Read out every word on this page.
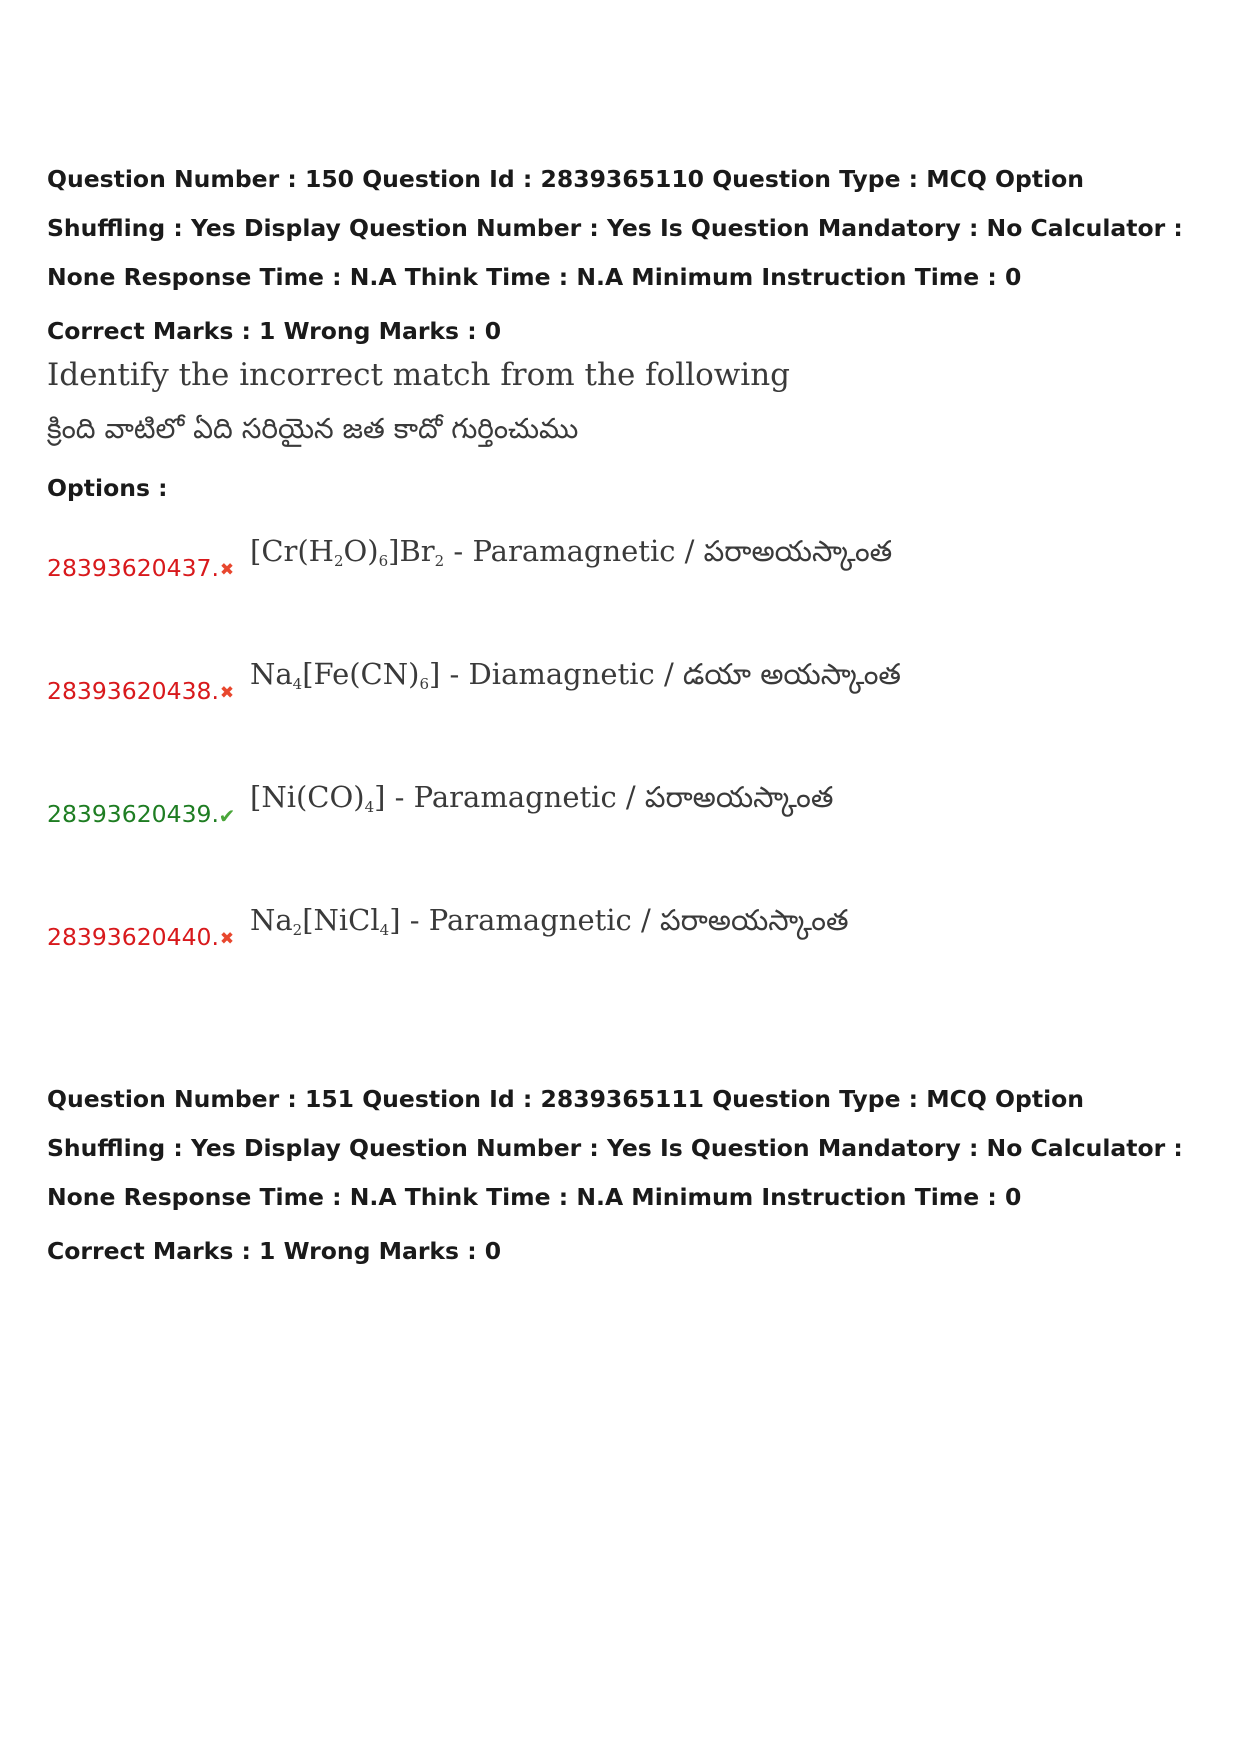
Question Number : 150 Question Id : 2839365110 Question Type : MCQ Option Shuffling : Yes Display Question Number : Yes Is Question Mandatory : No Calculator : None Response Time : N.A Think Time : N.A Minimum Instruction Time : 0

Correct Marks : 1 Wrong Marks : 0

Identify the incorrect match from the following

క్రింది వాటిలో ఏది సరియైన జత కాదో గుర్తించుము

Options :

28393620437. ✖
$[Cr(H_2O)_6]Br_2$ - Paramagnetic / పరాఅయస్కాంత
28393620438. ✖
$Na_4[Fe(CN)_6]$ - Diamagnetic / డయా అయస్కాంత
28393620439. ✔
$[Ni(CO)_4]$ - Paramagnetic / పరాఅయస్కాంత
28393620440. ✖
$Na_2[NiCl_4]$ - Paramagnetic / పరాఅయస్కాంత

Question Number : 151 Question Id : 2839365111 Question Type : MCQ Option Shuffling : Yes Display Question Number : Yes Is Question Mandatory : No Calculator : None Response Time : N.A Think Time : N.A Minimum Instruction Time : 0

Correct Marks : 1 Wrong Marks : 0
